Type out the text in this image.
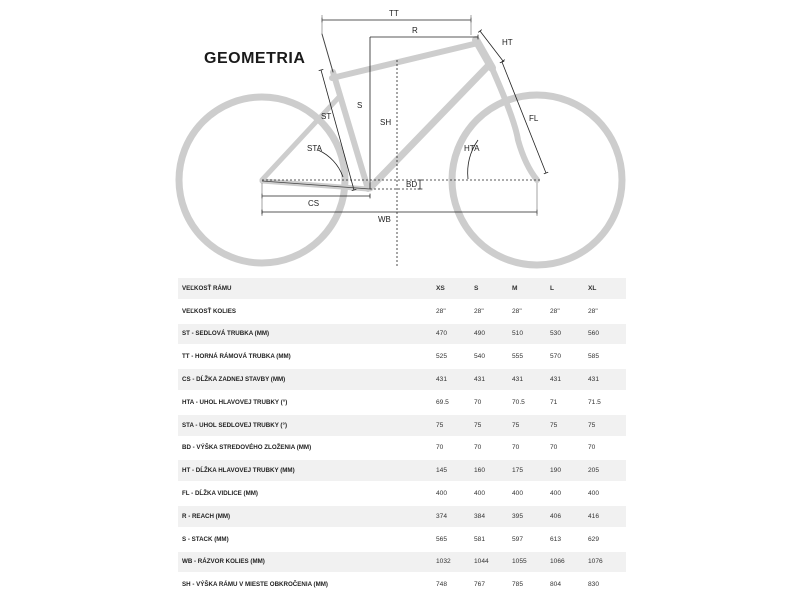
GEOMETRIA
TT
R
HT
S
ST
SH	FL
STA	HTA
BD
CS
WB
VEĽKOSŤ RÁMU	XS	S	M	L	XL
VEĽKOSŤ KOLIES	28"	28"	28"	28"	28"
ST - SEDLOVÁ TRUBKA (MM)	470	490	510	530	560
TT - HORNÁ RÁMOVÁ TRUBKA (MM)	525	540	555	570	585
CS - DĹŽKA ZADNEJ STAVBY (MM)	431	431	431	431	431
HTA - UHOL HLAVOVEJ TRUBKY (°)	69.5	70	70.5	71	71.5
STA - UHOL SEDLOVEJ TRUBKY (°)	75	75	75	75	75
BD - VÝŠKA STREDOVÉHO ZLOŽENIA (MM)	70	70	70	70	70
HT - DĹŽKA HLAVOVEJ TRUBKY (MM)	145	160	175	190	205
FL - DĹŽKA VIDLICE (MM)	400	400	400	400	400
R - REACH (MM)	374	384	395	406	416
S - STACK (MM)	565	581	597	613	629
WB - RÁZVOR KOLIES (MM)	1032	1044	1055	1066	1076
SH - VÝŠKA RÁMU V MIESTE OBKROČENIA (MM)	748	767	785	804	830
